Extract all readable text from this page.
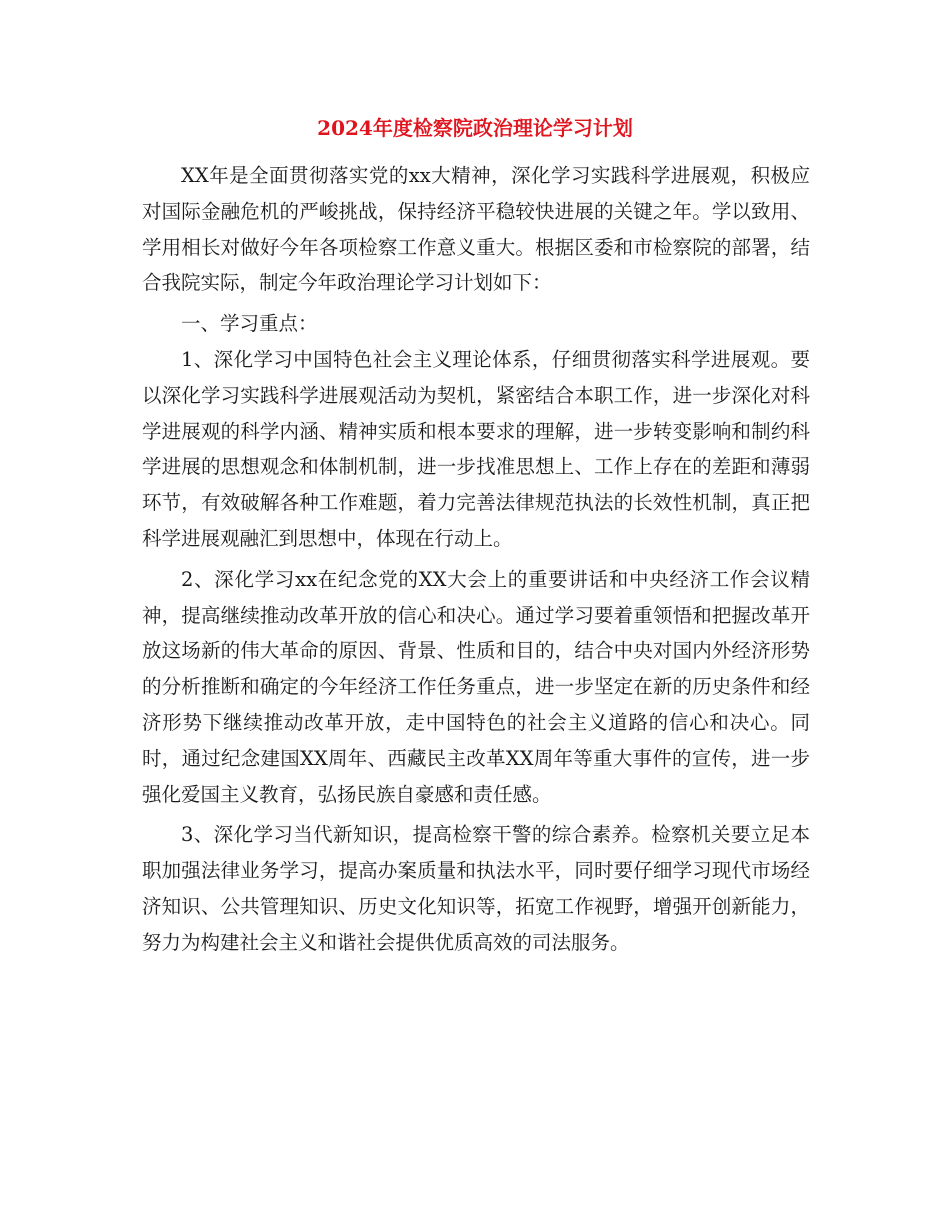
2024年度检察院政治理论学习计划

XX年是全面贯彻落实党的xx大精神，深化学习实践科学进展观，积极应对国际金融危机的严峻挑战，保持经济平稳较快进展的关键之年。学以致用、学用相长对做好今年各项检察工作意义重大。根据区委和市检察院的部署，结合我院实际，制定今年政治理论学习计划如下：

一、学习重点：

1、深化学习中国特色社会主义理论体系，仔细贯彻落实科学进展观。要以深化学习实践科学进展观活动为契机，紧密结合本职工作，进一步深化对科学进展观的科学内涵、精神实质和根本要求的理解，进一步转变影响和制约科学进展的思想观念和体制机制，进一步找准思想上、工作上存在的差距和薄弱环节，有效破解各种工作难题，着力完善法律规范执法的长效性机制，真正把科学进展观融汇到思想中，体现在行动上。

2、深化学习xx在纪念党的XX大会上的重要讲话和中央经济工作会议精神，提高继续推动改革开放的信心和决心。通过学习要着重领悟和把握改革开放这场新的伟大革命的原因、背景、性质和目的，结合中央对国内外经济形势的分析推断和确定的今年经济工作任务重点，进一步坚定在新的历史条件和经济形势下继续推动改革开放，走中国特色的社会主义道路的信心和决心。同时，通过纪念建国XX周年、西藏民主改革XX周年等重大事件的宣传，进一步强化爱国主义教育，弘扬民族自豪感和责任感。

3、深化学习当代新知识，提高检察干警的综合素养。检察机关要立足本职加强法律业务学习，提高办案质量和执法水平，同时要仔细学习现代市场经济知识、公共管理知识、历史文化知识等，拓宽工作视野，增强开创新能力，努力为构建社会主义和谐社会提供优质高效的司法服务。
